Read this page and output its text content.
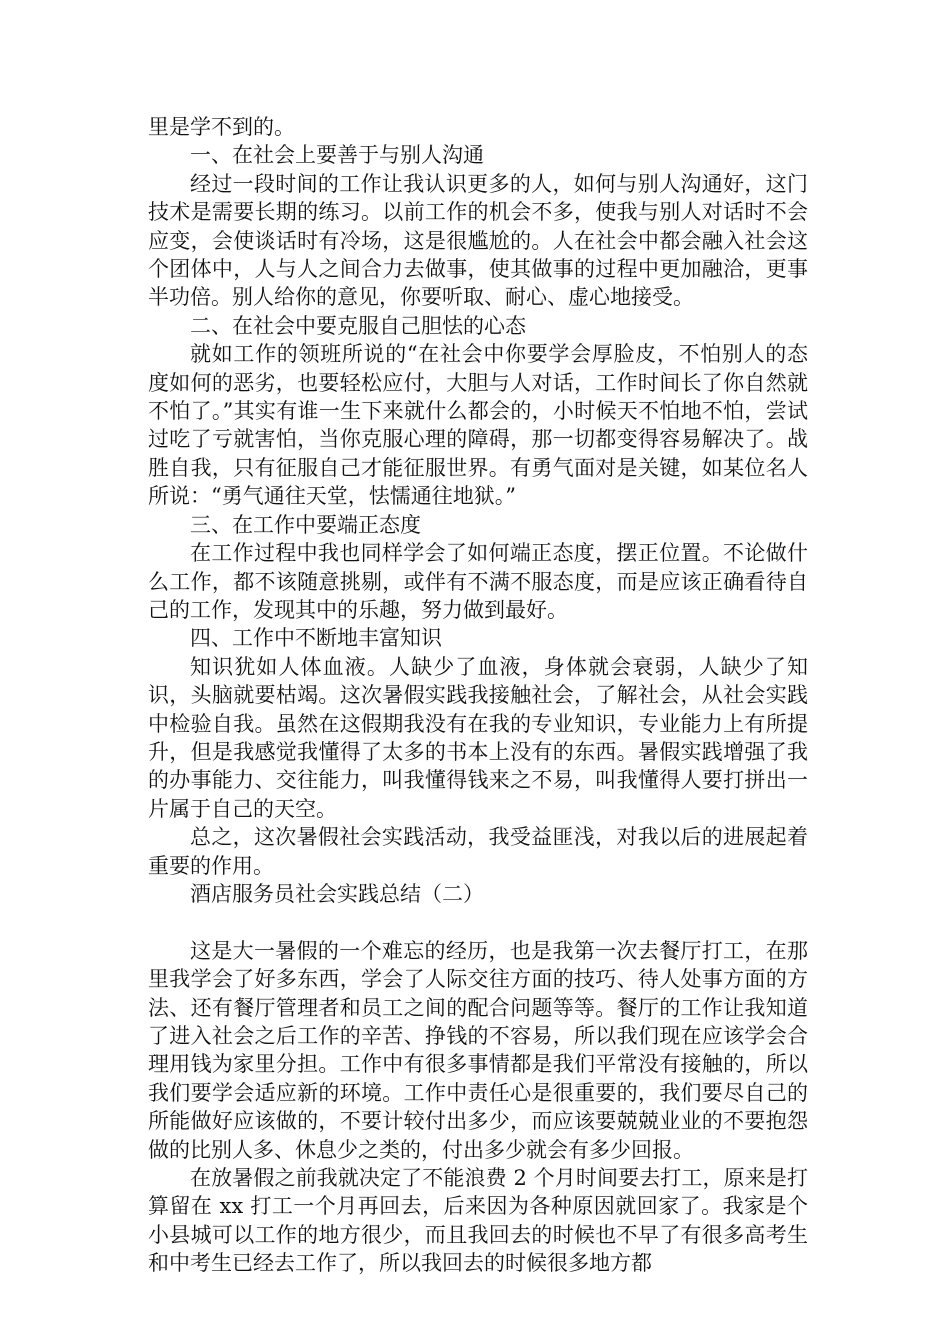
里是学不到的。

一、在社会上要善于与别人沟通

经过一段时间的工作让我认识更多的人，如何与别人沟通好，这门技术是需要长期的练习。以前工作的机会不多，使我与别人对话时不会应变，会使谈话时有冷场，这是很尴尬的。人在社会中都会融入社会这个团体中，人与人之间合力去做事，使其做事的过程中更加融洽，更事半功倍。别人给你的意见，你要听取、耐心、虚心地接受。

二、在社会中要克服自己胆怯的心态

就如工作的领班所说的“在社会中你要学会厚脸皮，不怕别人的态度如何的恶劣，也要轻松应付，大胆与人对话，工作时间长了你自然就不怕了。”其实有谁一生下来就什么都会的，小时候天不怕地不怕，尝试过吃了亏就害怕，当你克服心理的障碍，那一切都变得容易解决了。战胜自我，只有征服自己才能征服世界。有勇气面对是关键，如某位名人所说：“勇气通往天堂，怯懦通往地狱。”

三、在工作中要端正态度

在工作过程中我也同样学会了如何端正态度，摆正位置。不论做什么工作，都不该随意挑剔，或伴有不满不服态度，而是应该正确看待自己的工作，发现其中的乐趣，努力做到最好。

四、工作中不断地丰富知识

知识犹如人体血液。人缺少了血液，身体就会衰弱，人缺少了知识，头脑就要枯竭。这次暑假实践我接触社会，了解社会，从社会实践中检验自我。虽然在这假期我没有在我的专业知识，专业能力上有所提升，但是我感觉我懂得了太多的书本上没有的东西。暑假实践增强了我的办事能力、交往能力，叫我懂得钱来之不易，叫我懂得人要打拼出一片属于自己的天空。

总之，这次暑假社会实践活动，我受益匪浅，对我以后的进展起着重要的作用。

酒店服务员社会实践总结（二）

这是大一暑假的一个难忘的经历，也是我第一次去餐厅打工，在那里我学会了好多东西，学会了人际交往方面的技巧、待人处事方面的方法、还有餐厅管理者和员工之间的配合问题等等。餐厅的工作让我知道了进入社会之后工作的辛苦、挣钱的不容易，所以我们现在应该学会合理用钱为家里分担。工作中有很多事情都是我们平常没有接触的，所以我们要学会适应新的环境。工作中责任心是很重要的，我们要尽自己的所能做好应该做的，不要计较付出多少，而应该要兢兢业业的不要抱怨做的比别人多、休息少之类的，付出多少就会有多少回报。

在放暑假之前我就决定了不能浪费 2 个月时间要去打工，原来是打算留在 xx 打工一个月再回去，后来因为各种原因就回家了。我家是个小县城可以工作的地方很少，而且我回去的时候也不早了有很多高考生和中考生已经去工作了，所以我回去的时候很多地方都
